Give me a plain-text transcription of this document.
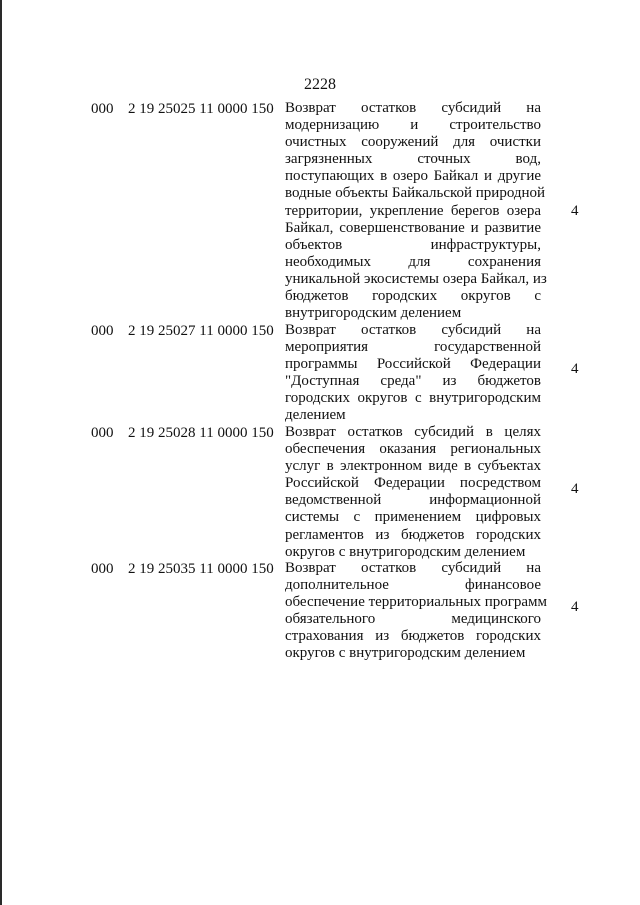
2228
000 2 19 25025 11 0000 150 Возврат остатков субсидий на
модернизацию и строительство
очистных сооружений для очистки
загрязненных сточных вод,
поступающих в озеро Байкал и другие
водные объекты Байкальской природной
территории, укрепление берегов озера
Байкал, совершенствование и развитие
объектов инфраструктуры,
необходимых для сохранения
уникальной экосистемы озера Байкал, из
бюджетов городских округов с
внутригородским делением
4
000 2 19 25027 11 0000 150 Возврат остатков субсидий на
мероприятия государственной
программы Российской Федерации
"Доступная среда" из бюджетов
городских округов с внутригородским
делением
4
000 2 19 25028 11 0000 150 Возврат остатков субсидий в целях
обеспечения оказания региональных
услуг в электронном виде в субъектах
Российской Федерации посредством
ведомственной информационной
системы с применением цифровых
регламентов из бюджетов городских
округов с внутригородским делением
4
000 2 19 25035 11 0000 150 Возврат остатков субсидий на
дополнительное финансовое
обеспечение территориальных программ
обязательного медицинского
страхования из бюджетов городских
округов с внутригородским делением
4
